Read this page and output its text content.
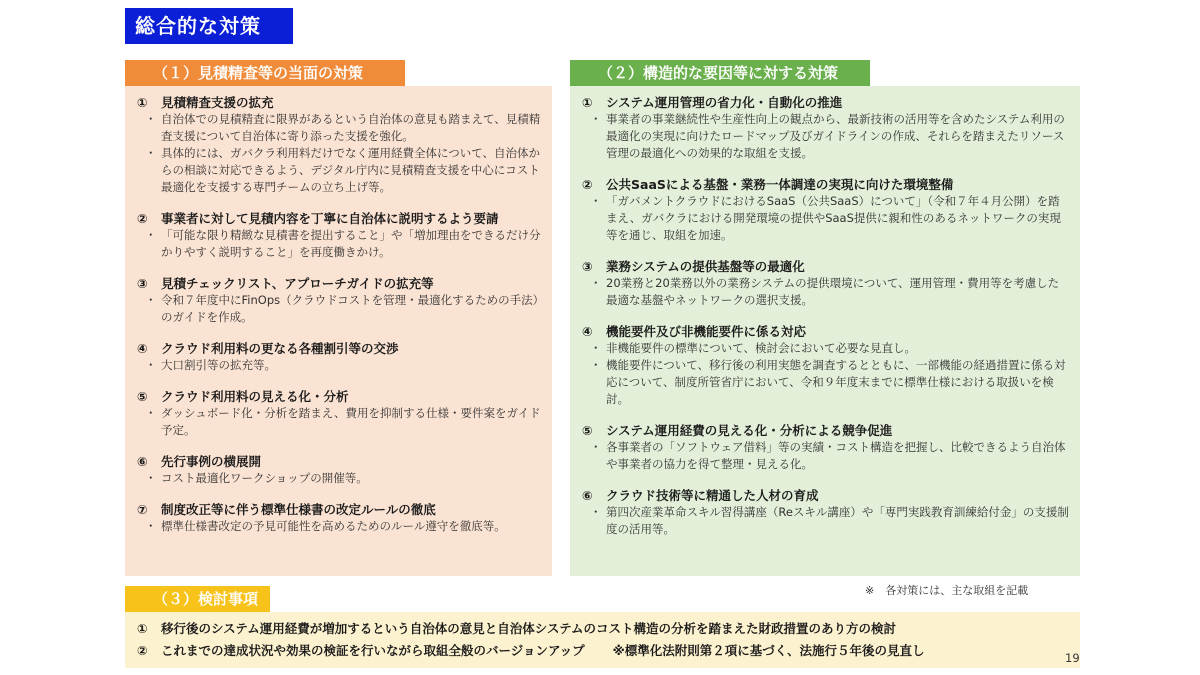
総合的な対策
（１）見積精査等の当面の対策
① 見積精査支援の拡充
・ 自治体での見積精査に限界があるという自治体の意見も踏まえて、見積精査支援について自治体に寄り添った支援を強化。
・ 具体的には、ガバクラ利用料だけでなく運用経費全体について、自治体からの相談に対応できるよう、デジタル庁内に見積精査支援を中心にコスト最適化を支援する専門チームの立ち上げ等。
② 事業者に対して見積内容を丁寧に自治体に説明するよう要請
・ 「可能な限り精緻な見積書を提出すること」や「増加理由をできるだけ分かりやすく説明すること」を再度働きかけ。
③ 見積チェックリスト、アプローチガイドの拡充等
・ 令和７年度中にFinOps（クラウドコストを管理・最適化するための手法）のガイドを作成。
④ クラウド利用料の更なる各種割引等の交渉
・ 大口割引等の拡充等。
⑤ クラウド利用料の見える化・分析
・ ダッシュボード化・分析を踏まえ、費用を抑制する仕様・要件案をガイド予定。
⑥ 先行事例の横展開
・ コスト最適化ワークショップの開催等。
⑦ 制度改正等に伴う標準仕様書の改定ルールの徹底
・ 標準仕様書改定の予見可能性を高めるためのルール遵守を徹底等。
（２）構造的な要因等に対する対策
① システム運用管理の省力化・自動化の推進
・ 事業者の事業継続性や生産性向上の観点から、最新技術の活用等を含めたシステム利用の最適化の実現に向けたロードマップ及びガイドラインの作成、それらを踏まえたリソース管理の最適化への効果的な取組を支援。
② 公共SaaSによる基盤・業務一体調達の実現に向けた環境整備
・ 「ガバメントクラウドにおけるSaaS（公共SaaS）について」（令和７年４月公開）を踏まえ、ガバクラにおける開発環境の提供やSaaS提供に親和性のあるネットワークの実現等を通じ、取組を加速。
③ 業務システムの提供基盤等の最適化
・ 20業務と20業務以外の業務システムの提供環境について、運用管理・費用等を考慮した最適な基盤やネットワークの選択支援。
④ 機能要件及び非機能要件に係る対応
・ 非機能要件の標準について、検討会において必要な見直し。
・ 機能要件について、移行後の利用実態を調査するとともに、一部機能の経過措置に係る対応について、制度所管省庁において、令和９年度末までに標準仕様における取扱いを検討。
⑤ システム運用経費の見える化・分析による競争促進
・ 各事業者の「ソフトウェア借料」等の実績・コスト構造を把握し、比較できるよう自治体や事業者の協力を得て整理・見える化。
⑥ クラウド技術等に精通した人材の育成
・ 第四次産業革命スキル習得講座（Reスキル講座）や「専門実践教育訓練給付金」の支援制度の活用等。
※　各対策には、主な取組を記載
（３）検討事項
① 移行後のシステム運用経費が増加するという自治体の意見と自治体システムのコスト構造の分析を踏まえた財政措置のあり方の検討
② これまでの達成状況や効果の検証を行いながら取組全般のバージョンアップ ※標準化法附則第２項に基づく、法施行５年後の見直し	19
